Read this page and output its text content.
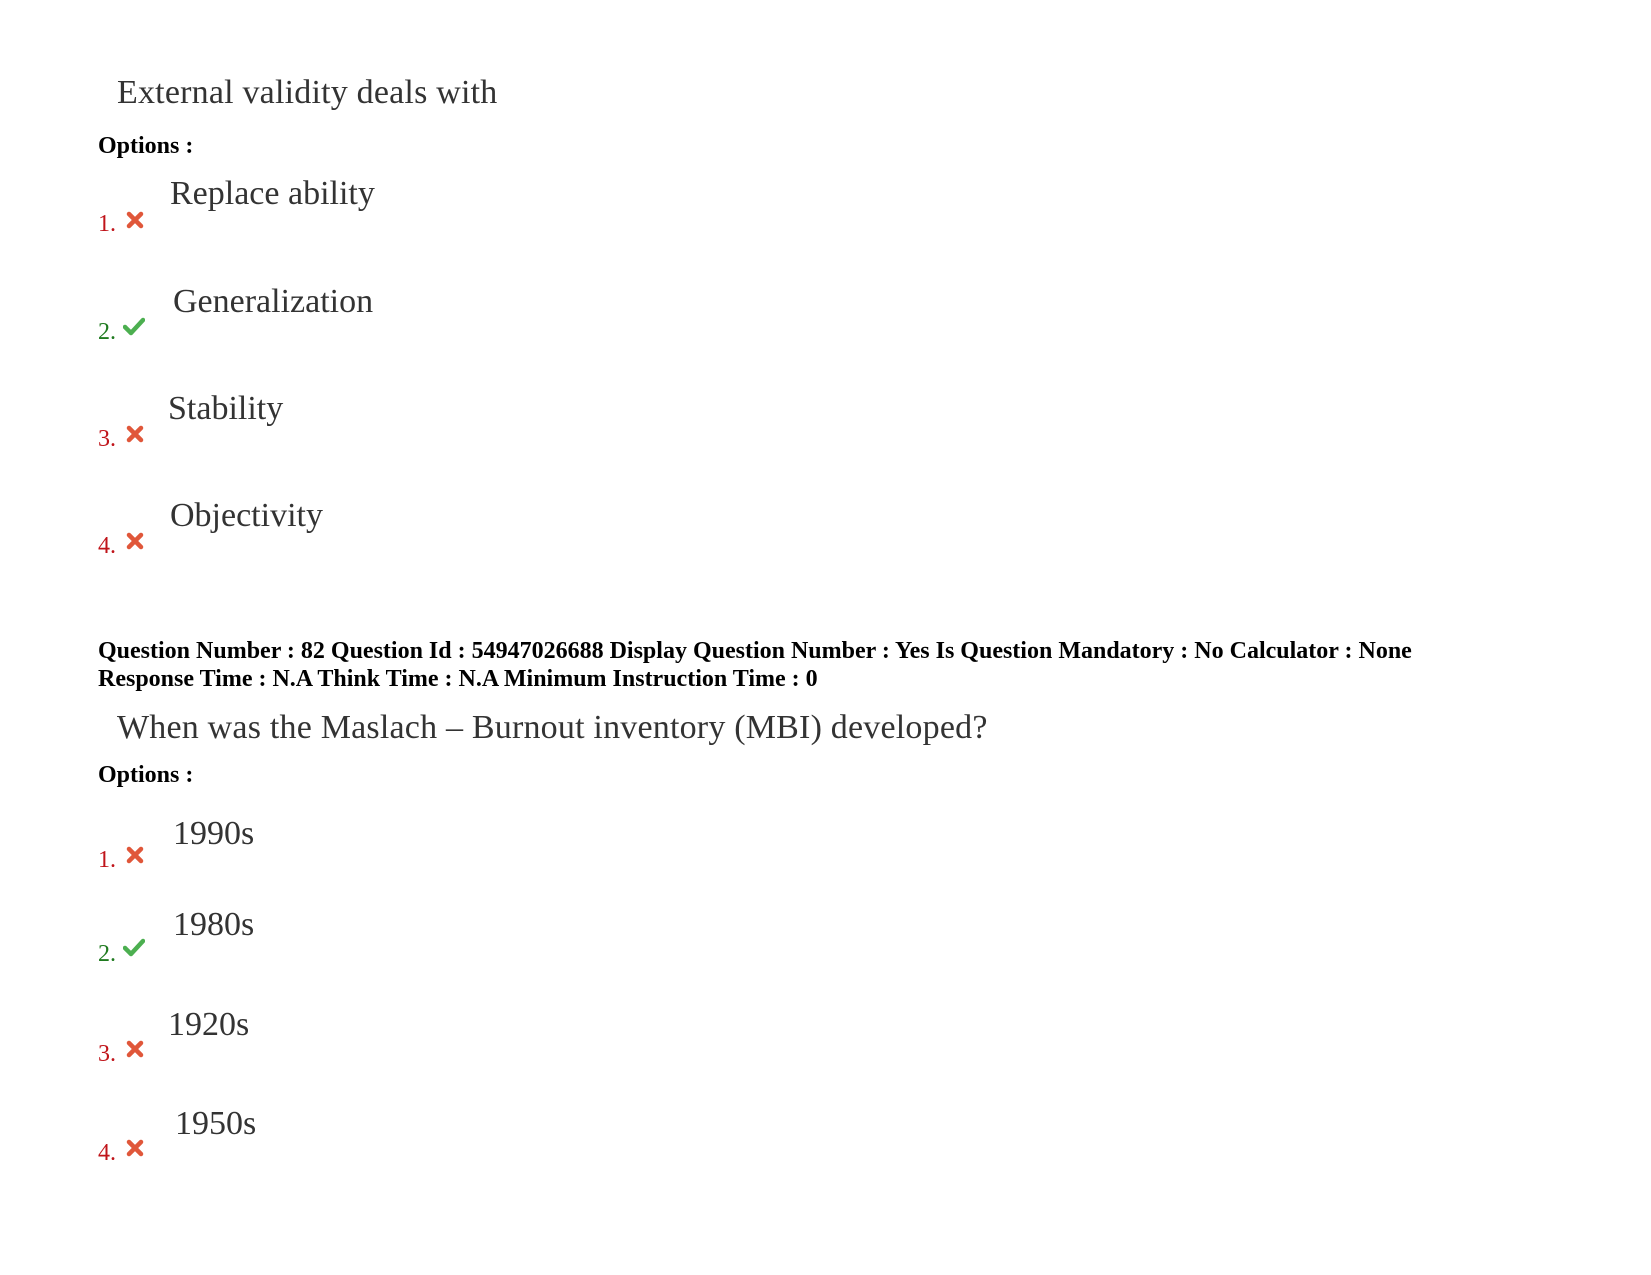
External validity deals with
Options :
1.
Replace ability
2.
Generalization
3.
Stability
4.
Objectivity
Question Number : 82 Question Id : 54947026688 Display Question Number : Yes Is Question Mandatory : No Calculator : None
Response Time : N.A Think Time : N.A Minimum Instruction Time : 0
When was the Maslach – Burnout inventory (MBI) developed?
Options :
1.
1990s
2.
1980s
3.
1920s
4.
1950s
